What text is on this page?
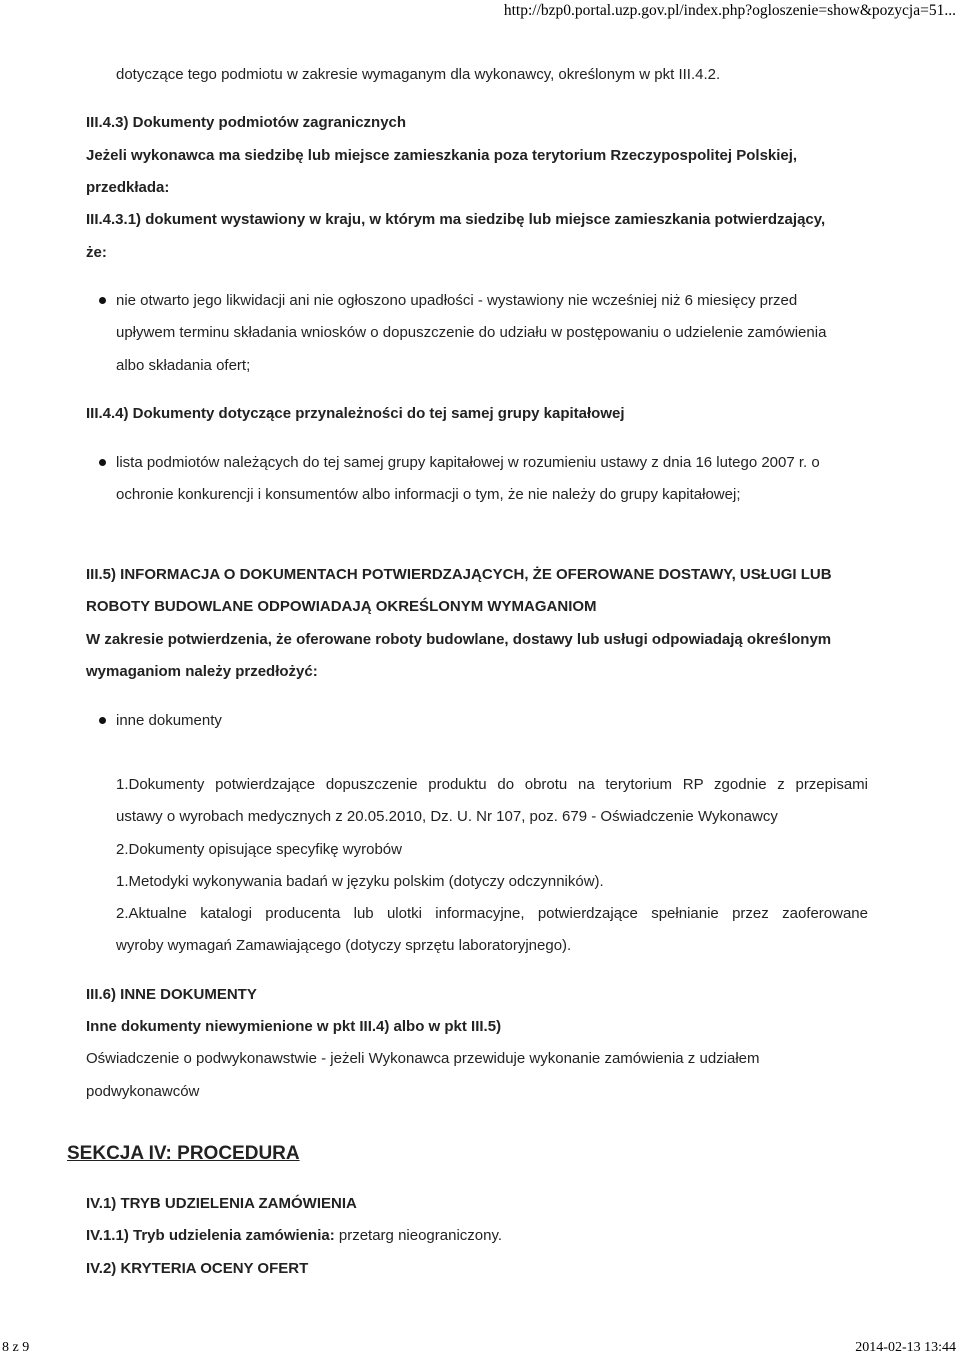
http://bzp0.portal.uzp.gov.pl/index.php?ogloszenie=show&pozycja=51...
dotyczące tego podmiotu w zakresie wymaganym dla wykonawcy, określonym w pkt III.4.2.
III.4.3) Dokumenty podmiotów zagranicznych
Jeżeli wykonawca ma siedzibę lub miejsce zamieszkania poza terytorium Rzeczypospolitej Polskiej,
przedkłada:
III.4.3.1) dokument wystawiony w kraju, w którym ma siedzibę lub miejsce zamieszkania potwierdzający,
że:
nie otwarto jego likwidacji ani nie ogłoszono upadłości - wystawiony nie wcześniej niż 6 miesięcy przed
upływem terminu składania wniosków o dopuszczenie do udziału w postępowaniu o udzielenie zamówienia
albo składania ofert;
III.4.4) Dokumenty dotyczące przynależności do tej samej grupy kapitałowej
lista podmiotów należących do tej samej grupy kapitałowej w rozumieniu ustawy z dnia 16 lutego 2007 r. o
ochronie konkurencji i konsumentów albo informacji o tym, że nie należy do grupy kapitałowej;
III.5) INFORMACJA O DOKUMENTACH POTWIERDZAJĄCYCH, ŻE OFEROWANE DOSTAWY, USŁUGI LUB
ROBOTY BUDOWLANE ODPOWIADAJĄ OKREŚLONYM WYMAGANIOM
W zakresie potwierdzenia, że oferowane roboty budowlane, dostawy lub usługi odpowiadają określonym
wymaganiom należy przedłożyć:
inne dokumenty
1.Dokumenty potwierdzające dopuszczenie produktu do obrotu na terytorium RP zgodnie z przepisami
ustawy o wyrobach medycznych z 20.05.2010, Dz. U. Nr 107, poz. 679 - Oświadczenie Wykonawcy
2.Dokumenty opisujące specyfikę wyrobów
1.Metodyki wykonywania badań w języku polskim (dotyczy odczynników).
2.Aktualne katalogi producenta lub ulotki informacyjne, potwierdzające spełnianie przez zaoferowane
wyroby wymagań Zamawiającego (dotyczy sprzętu laboratoryjnego).
III.6) INNE DOKUMENTY
Inne dokumenty niewymienione w pkt III.4) albo w pkt III.5)
Oświadczenie o podwykonawstwie - jeżeli Wykonawca przewiduje wykonanie zamówienia z udziałem
podwykonawców
SEKCJA IV: PROCEDURA
IV.1) TRYB UDZIELENIA ZAMÓWIENIA
IV.1.1) Tryb udzielenia zamówienia: przetarg nieograniczony.
IV.2) KRYTERIA OCENY OFERT
8 z 9	2014-02-13 13:44
